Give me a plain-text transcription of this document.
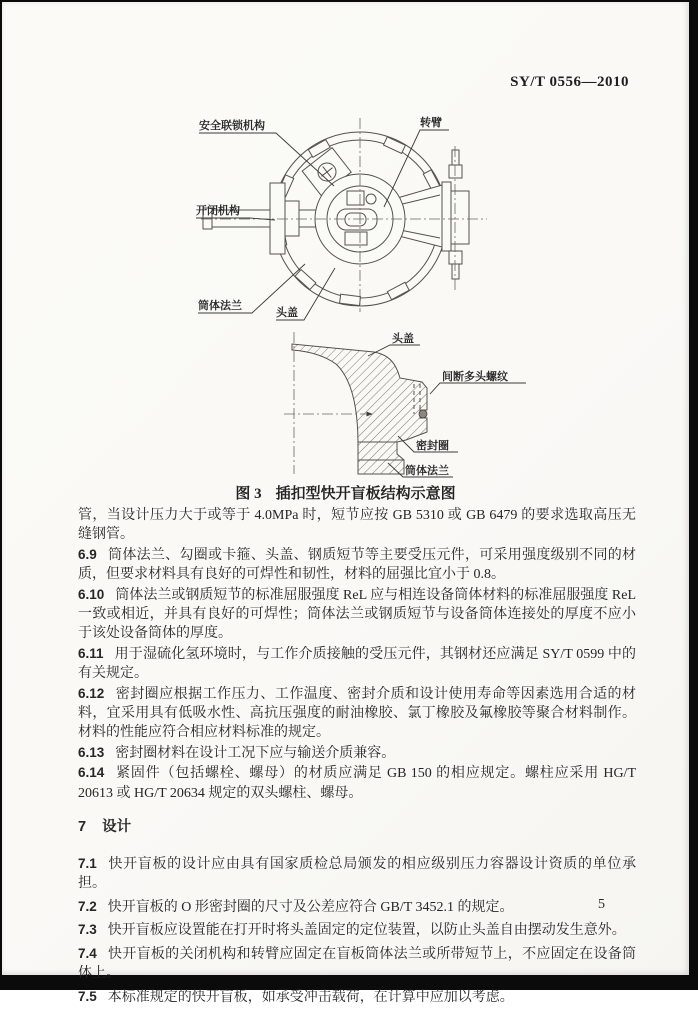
SY/T 0556—2010
安全联锁机构	转臂
开闭机构
筒体法兰
头盖
头盖
间断多头螺纹
密封圈
筒体法兰
图 3 插扣型快开盲板结构示意图

管，当设计压力大于或等于 4.0MPa 时，短节应按 GB 5310 或 GB 6479 的要求选取高压无缝钢管。

6.9 筒体法兰、勾圈或卡箍、头盖、钢质短节等主要受压元件，可采用强度级别不同的材质，但要求材料具有良好的可焊性和韧性，材料的屈强比宜小于 0.8。

6.10 筒体法兰或钢质短节的标准屈服强度 ReL 应与相连设备筒体材料的标准屈服强度 ReL 一致或相近，并具有良好的可焊性；筒体法兰或钢质短节与设备筒体连接处的厚度不应小于该处设备筒体的厚度。

6.11 用于湿硫化氢环境时，与工作介质接触的受压元件，其钢材还应满足 SY/T 0599 中的有关规定。

6.12 密封圈应根据工作压力、工作温度、密封介质和设计使用寿命等因素选用合适的材料，宜采用具有低吸水性、高抗压强度的耐油橡胶、氯丁橡胶及氟橡胶等聚合材料制作。材料的性能应符合相应材料标准的规定。

6.13 密封圈材料在设计工况下应与输送介质兼容。

6.14 紧固件（包括螺栓、螺母）的材质应满足 GB 150 的相应规定。螺柱应采用 HG/T 20613 或 HG/T 20634 规定的双头螺柱、螺母。

7 设计

7.1 快开盲板的设计应由具有国家质检总局颁发的相应级别压力容器设计资质的单位承担。

7.2 快开盲板的 O 形密封圈的尺寸及公差应符合 GB/T 3452.1 的规定。

7.3 快开盲板应设置能在打开时将头盖固定的定位装置，以防止头盖自由摆动发生意外。

7.4 快开盲板的关闭机构和转臂应固定在盲板筒体法兰或所带短节上，不应固定在设备筒体上。

7.5 本标准规定的快开盲板，如承受冲击载荷，在计算中应加以考虑。

5
